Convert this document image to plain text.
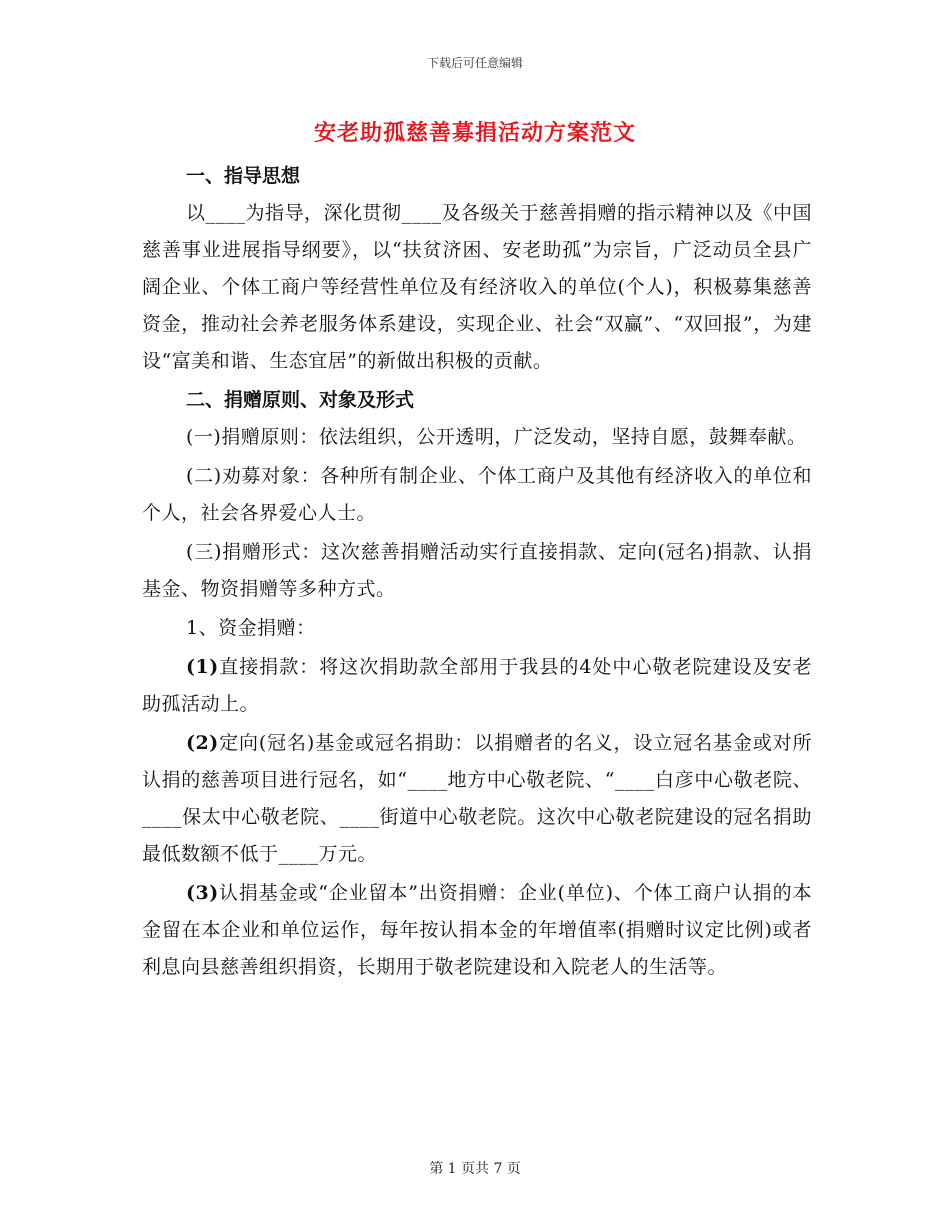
下载后可任意编辑
安老助孤慈善募捐活动方案范文
一、指导思想

以____为指导，深化贯彻____及各级关于慈善捐赠的指示精神以及《中国慈善事业进展指导纲要》，以“扶贫济困、安老助孤”为宗旨，广泛动员全县广阔企业、个体工商户等经营性单位及有经济收入的单位(个人)，积极募集慈善资金，推动社会养老服务体系建设，实现企业、社会“双赢”、“双回报”，为建设“富美和谐、生态宜居”的新做出积极的贡献。

二、捐赠原则、对象及形式

(一)捐赠原则：依法组织，公开透明，广泛发动，坚持自愿，鼓舞奉献。

(二)劝募对象：各种所有制企业、个体工商户及其他有经济收入的单位和个人，社会各界爱心人士。

(三)捐赠形式：这次慈善捐赠活动实行直接捐款、定向(冠名)捐款、认捐基金、物资捐赠等多种方式。

1、资金捐赠：

(1)直接捐款：将这次捐助款全部用于我县的4处中心敬老院建设及安老助孤活动上。

(2)定向(冠名)基金或冠名捐助：以捐赠者的名义，设立冠名基金或对所认捐的慈善项目进行冠名，如“____地方中心敬老院、“____白彦中心敬老院、____保太中心敬老院、____街道中心敬老院。这次中心敬老院建设的冠名捐助最低数额不低于____万元。

(3)认捐基金或“企业留本”出资捐赠：企业(单位)、个体工商户认捐的本金留在本企业和单位运作，每年按认捐本金的年增值率(捐赠时议定比例)或者利息向县慈善组织捐资，长期用于敬老院建设和入院老人的生活等。

第 1 页共 7 页
